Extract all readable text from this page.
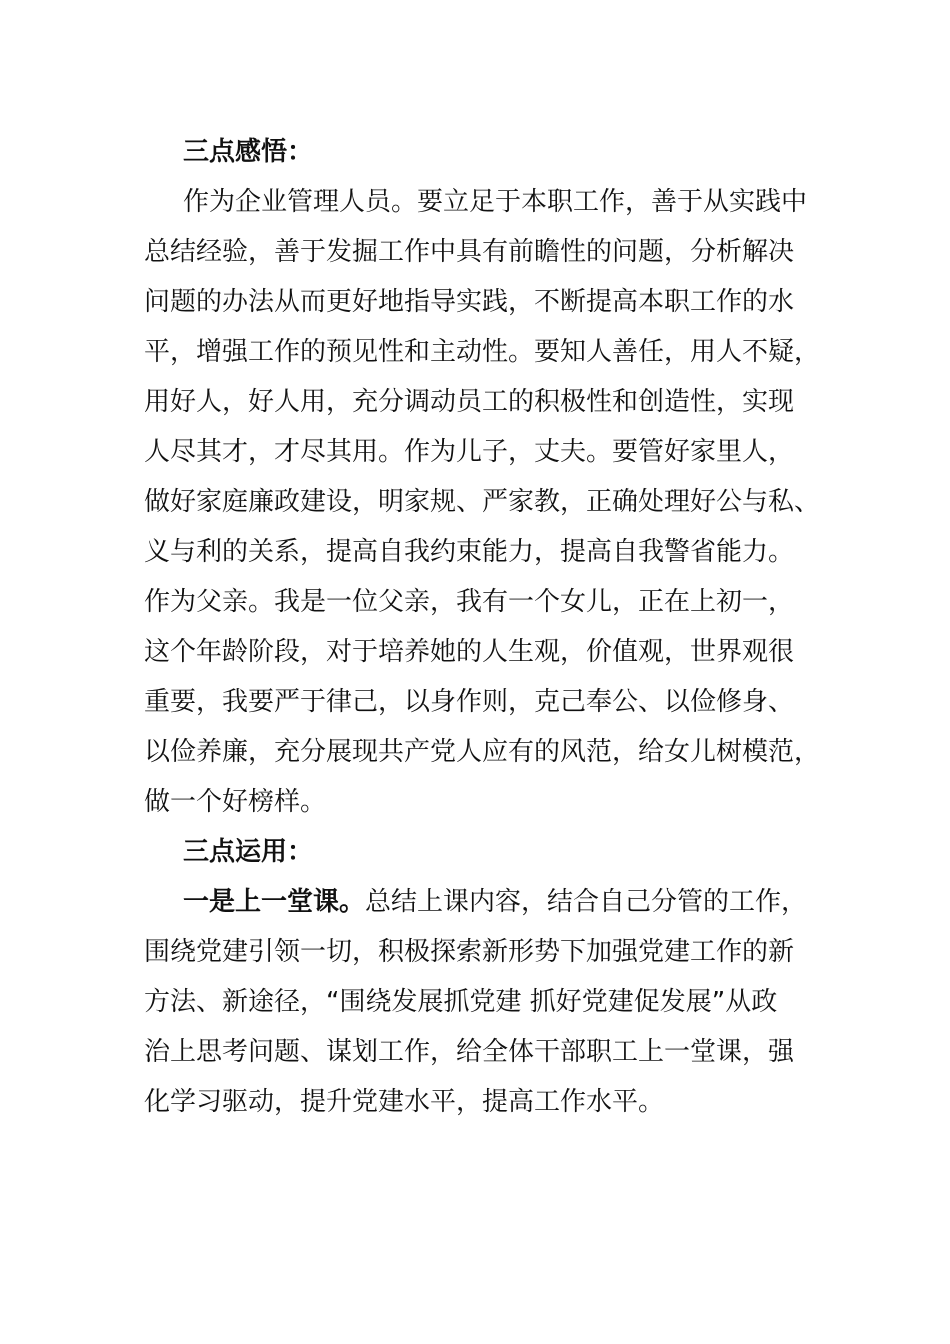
三点感悟：
作为企业管理人员。要立足于本职工作，善于从实践中
总结经验，善于发掘工作中具有前瞻性的问题，分析解决
问题的办法从而更好地指导实践，不断提高本职工作的水
平，增强工作的预见性和主动性。要知人善任，用人不疑，
用好人，好人用，充分调动员工的积极性和创造性，实现
人尽其才，才尽其用。作为儿子，丈夫。要管好家里人，
做好家庭廉政建设，明家规、严家教，正确处理好公与私、
义与利的关系，提高自我约束能力，提高自我警省能力。
作为父亲。我是一位父亲，我有一个女儿，正在上初一，
这个年龄阶段，对于培养她的人生观，价值观，世界观很
重要，我要严于律己，以身作则，克己奉公、以俭修身、
以俭养廉，充分展现共产党人应有的风范，给女儿树模范，
做一个好榜样。
三点运用：
一是上一堂课。总结上课内容，结合自己分管的工作，
围绕党建引领一切，积极探索新形势下加强党建工作的新
方法、新途径，“围绕发展抓党建 抓好党建促发展”从政
治上思考问题、谋划工作，给全体干部职工上一堂课，强
化学习驱动，提升党建水平，提高工作水平。
